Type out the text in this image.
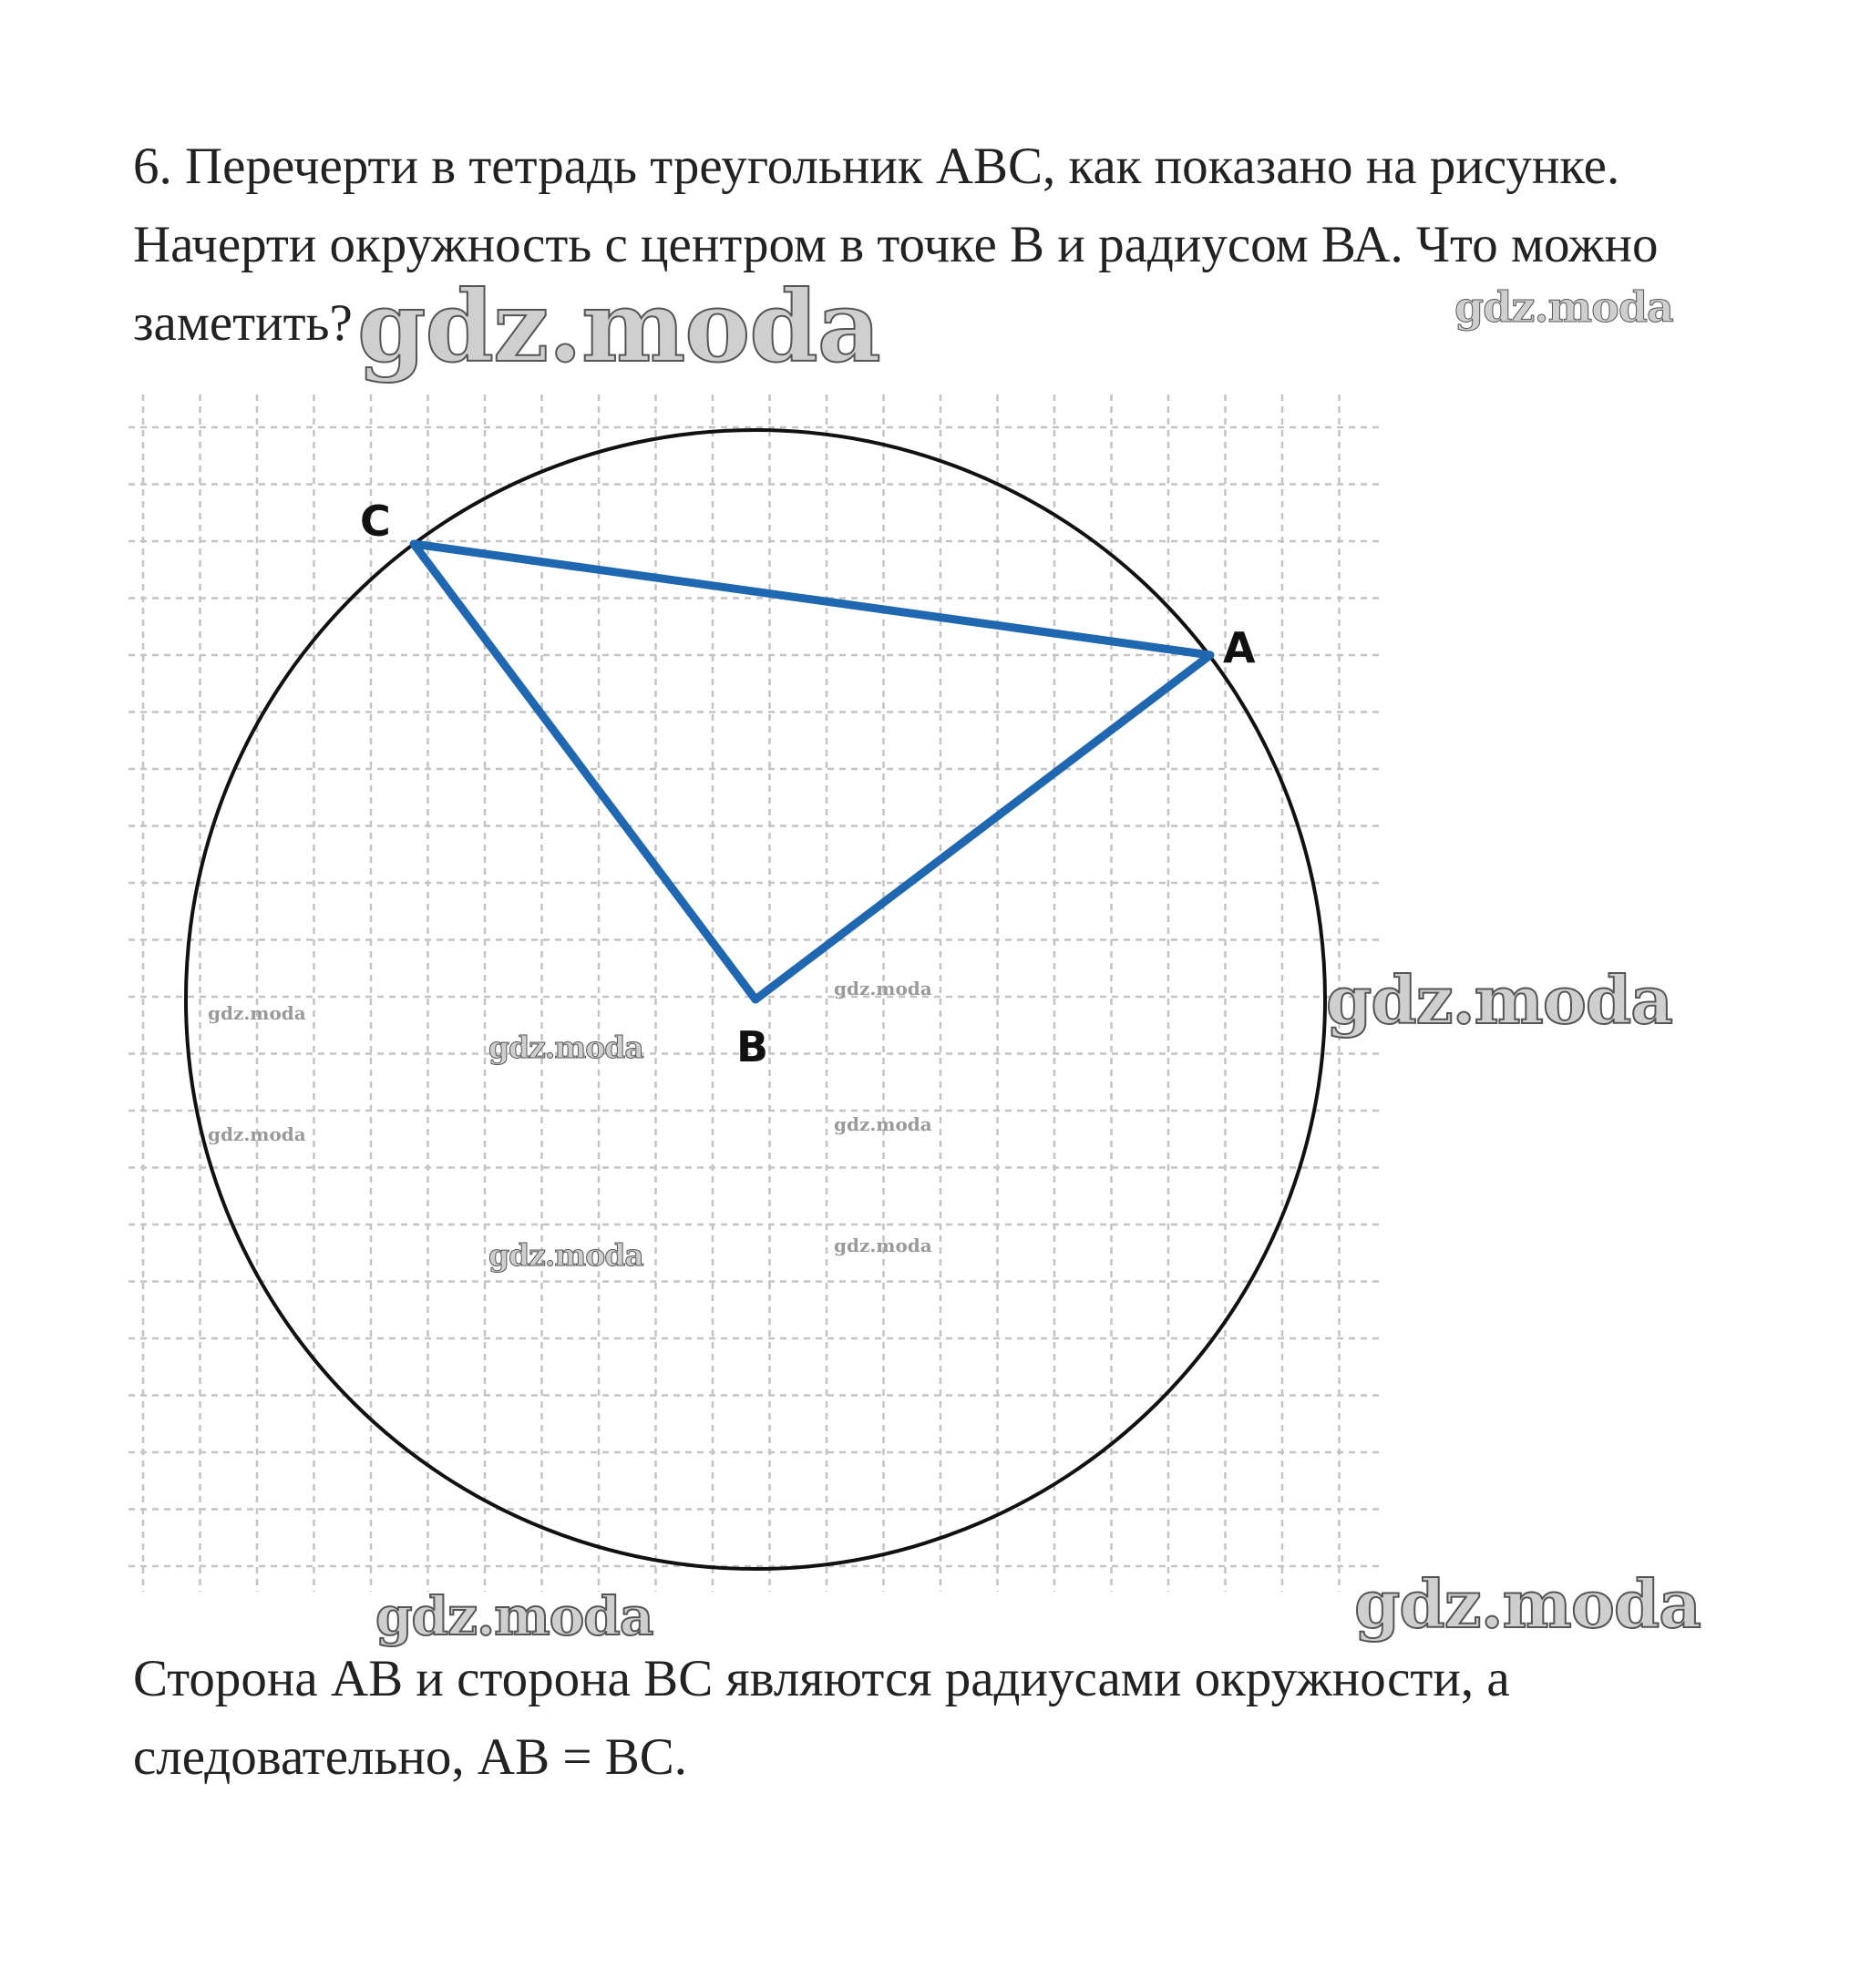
6. Перечерти в тетрадь треугольник ABC, как показано на рисунке. Начерти окружность с центром в точке В и радиусом ВА. Что можно заметить?

C
A
B

Сторона АВ и сторона ВС являются радиусами окружности, а следовательно, АВ = ВС.

gdz.moda	gdz.moda
gdz.moda
gdz.moda	gdz.moda
gdz.moda
gdz.moda
gdz.moda
gdz.moda
gdz.moda
gdz.moda
gdz.moda
